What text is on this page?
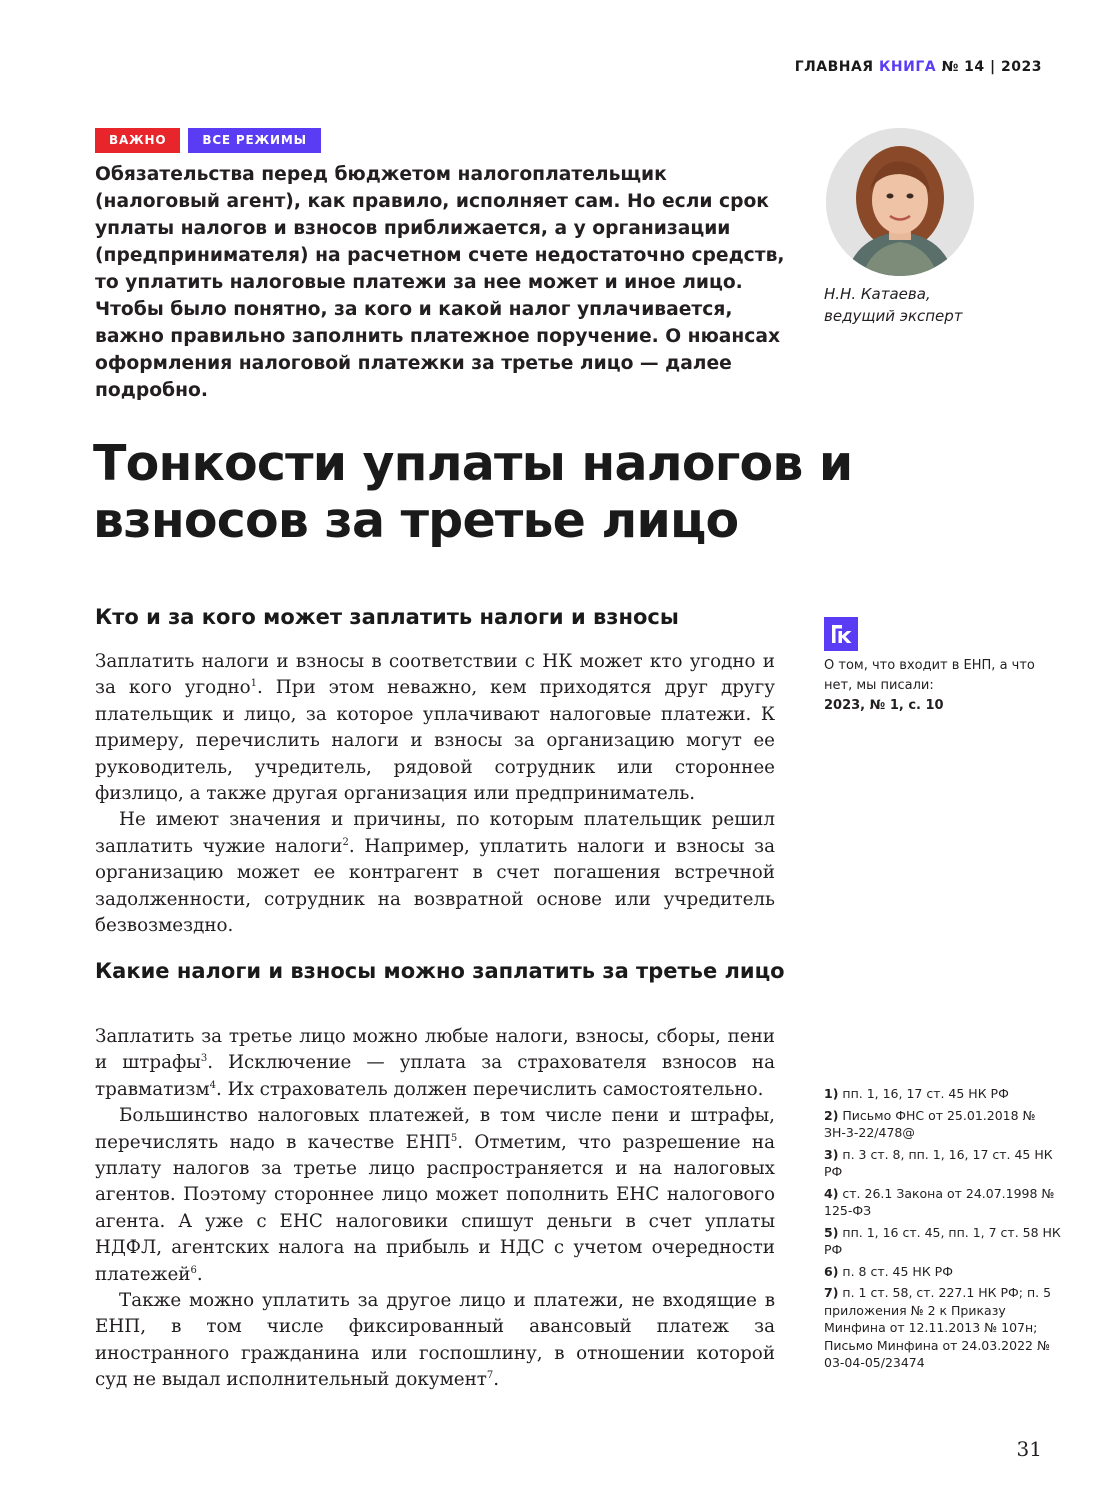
ГЛАВНАЯ КНИГА № 14 | 2023
ВАЖНО	ВСЕ РЕЖИМЫ
Обязательства перед бюджетом налогоплательщик (налоговый агент), как правило, исполняет сам. Но если срок уплаты налогов и взносов приближается, а у организации (предпринимателя) на расчетном счете недостаточно средств, то уплатить налоговые платежи за нее может и иное лицо. Чтобы было понятно, за кого и какой налог уплачивается, важно правильно заполнить платежное поручение. О нюансах оформления налоговой платежки за третье лицо — далее подробно.
Н.Н. Катаева,
ведущий эксперт
Тонкости уплаты налогов и взносов за третье лицо
Кто и за кого может заплатить налоги и взносы

Заплатить налоги и взносы в соответствии с НК может кто угодно и за кого угодно$^1$. При этом неважно, кем приходятся друг другу плательщик и лицо, за которое уплачивают налоговые платежи. К примеру, перечислить налоги и взносы за организацию могут ее руководитель, учредитель, рядовой сотрудник или стороннее физлицо, а также другая организация или предприниматель.

Не имеют значения и причины, по которым плательщик решил заплатить чужие налоги$^2$. Например, уплатить налоги и взносы за организацию может ее контрагент в счет погашения встречной задолженности, сотрудник на возвратной основе или учредитель безвозмездно.

Какие налоги и взносы можно заплатить за третье лицо

Заплатить за третье лицо можно любые налоги, взносы, сборы, пени и штрафы$^3$. Исключение — уплата за страхователя взносов на травматизм$^4$. Их страхователь должен перечислить самостоятельно.

Большинство налоговых платежей, в том числе пени и штрафы, перечислять надо в качестве ЕНП$^5$. Отметим, что разрешение на уплату налогов за третье лицо распространяется и на налоговых агентов. Поэтому стороннее лицо может пополнить ЕНС налогового агента. А уже с ЕНС налоговики спишут деньги в счет уплаты НДФЛ, агентских налога на прибыль и НДС с учетом очередности платежей$^6$.

Также можно уплатить за другое лицо и платежи, не входящие в ЕНП, в том числе фиксированный авансовый платеж за иностранного гражданина или госпошлину, в отношении которой суд не выдал исполнительный документ$^7$.

О том, что входит в ЕНП, а что нет, мы писали:
2023, № 1, с. 10
1) пп. 1, 16, 17 ст. 45 НК РФ
2) Письмо ФНС от 25.01.2018 № ЗН-3-22/478@
3) п. 3 ст. 8, пп. 1, 16, 17 ст. 45 НК РФ
4) ст. 26.1 Закона от 24.07.1998 № 125-ФЗ
5) пп. 1, 16 ст. 45, пп. 1, 7 ст. 58 НК РФ
6) п. 8 ст. 45 НК РФ
7) п. 1 ст. 58, ст. 227.1 НК РФ; п. 5 приложения № 2 к Приказу Минфина от 12.11.2013 № 107н; Письмо Минфина от 24.03.2022 № 03-04-05/23474
31
